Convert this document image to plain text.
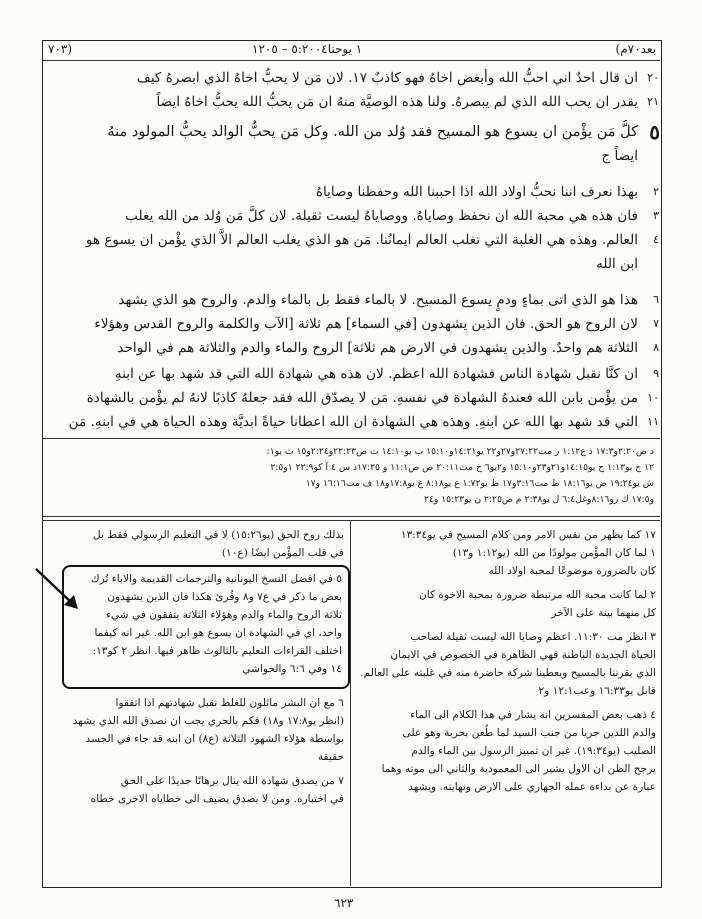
بعد٧٠م)
١ يوحنا٥:٢٠٠٤ – ١٢٠٥
(٧٠٣
ان قال احدٌ اني احبُّ الله وأبغض اخاهُ فهو كاذبٌ ١٧. لان مَن لا يحبُّ اخاهُ الذي ابصرهُ كيف ٢٠
يقدر ان يحب الله الذي لم يبصرهُ. ولنا هذه الوصيَّة منهُ ان مَن يحبُّ الله يحبُّ اخاهُ ايضاً ٢١
كلُّ مَن يؤْمن ان يسوع هو المسيح فقد وُلد من الله. وكل مَن يحبُّ الوالد يحبُّ المولود منهُ ٥
ايضاً ج
بهذا نعرف اننا نحبُّ اولاد الله اذا احببنا الله وحفظنا وصاياهُ ٢
فان هذه هي محبة الله ان نحفظ وصاياهُ. ووصاياهُ ليست ثقيلة. لان كلَّ مَن وُلد من الله يغلب ٣
العالم. وهذه هي الغلبة التي تغلب العالم ايمانُنا. مَن هو الذي يغلب العالم الاَّ الذي يؤْمن ان يسوع هو ٤
ابن الله
هذا هو الذي اتى بماءٍ ودمٍ يسوع المسيح. لا بالماء فقط بل بالماء والدم. والروح هو الذي يشهد ٦
لان الروح هو الحق. فان الذين يشهدون [في السماء] هم ثلاثة [الآب والكلمة والروح القدس وهؤلاء ٧
الثلاثة هم واحدٌ. والذين يشهدون في الارض هم ثلاثة] الروح والماء والدم والثلاثة هم في الواحد ٨
ان كنَّا نقبل شهادة الناس فشهادة الله اعظم. لان هذه هي شهادة الله التي قد شهد بها عن ابنهِ ٩
من يؤْمن بابن الله فعندهُ الشهادة في نفسهِ. مَن لا يصدّق الله فقد جعلهُ كاذبًا لانهُ لم يؤْمن بالشهادة ١٠
التي قد شهد بها الله عن ابنهِ. وهذه هي الشهادة ان الله اعطانا حياةً ابديَّة وهذه الحياة هي في ابنهِ. مَن ١١
د ص٢:٢٠و١٧:٣ ذ ع١:١٢ ر مت٢٧:٢٢و٢٧و٢٢ يو١٤:٢١و١٥:١٠ ب يو١٤:١٠ ت ص٢٢:٢٣و٢:٢٤و١٥ ث يو١:
١٢ ج يو١:١٣ ح يو١٤:١٥و٢١و٢٣و١٥:١٠ و٢يو٦ خ مت٢٠:١١ ص ص١١:١ و ١٧:٢٥ذ س ٤ آ كو٢٢:٩ ١و٢:٥
ش يو١٩:٢٤ ض يو١٨:١٦ ط مت٣:١٦و١٧ ظ يو١:٧٢ ع يو٨:١٨ غ يو١٧:٨و١٨ ف مت١٦:١٦ و١٧
و١٧:٥ ك رو٨:١٦وغل٦:٤ ل يو٢:٣٨ م ص٢:٢٥ ن يو١٥:٢٣ و٢٤
١٧ كما يظهر من نفس الامر ومن كلام المسيح في يو١٣:٣٤
١ لما كان المؤْمن مولودًا من الله (يو١:١٢ و١٣)
كان بالضرورة موضوعًا لمحبة اولاد الله
٢ لما كانت محبة الله مرتبطة ضرورة بمحبة الاخوة كان
كل منهما بينة على الآخر
٣ انظر مت ١١:٣٠. اعظم وصايا الله ليست ثقيلة لصاحب
الحياة الجديدة الباطنة فهي الظاهرة في الخصوص في الايمان
الذي يقرننا بالمسيح ويعطينا شركة حاضرة منه في غلبته على العالم.
قابل يو١٦:٣٣ وعب١٢:١ و٢
٤ ذهب بعض المفسرين انه يشار في هذا الكلام الى الماء
والدم اللذين جريا من جنب السيد لما طُعن بحربة وهو على
الصليب (يو١٩:٣٤). غير ان تمييز الرسول بين الماء والدم
يرجح الظن ان الاول يشير الى المعمودية والثاني الى موته وهما
عبارة عن بداءة عمله الجهاري على الارض ونهايته. ويشهد
بذلك روح الحق (يو١٥:٢٦) لا في التعليم الرسولي فقط بل
في قلب المؤْمن ايضًا (ع١٠)
٥ في افضل النسخ اليونانية والترجمات القديمة والاباء تُرك
بعض ما ذكر في ع٧ و٨ وقُرئ هكذا فان الذين يشهدون
ثلاثة الروح والماء والدم وهؤلاء الثلاثة يتفقون في شيء
واحد، اي في الشهادة ان يسوع هو ابن الله. غير انه كيفما
اختلف القراءات التعليم بالثالوث ظاهر فيها. انظر ٢ كو١٣:
١٤ وفي ٦:٦ والحواشي
٦ مع ان البشر مائلون للغلط نقبل شهادتهم اذا اتفقوا
(انظر يو١٧:٨ و١٨) فكم بالحري يجب ان نصدق الله الذي يشهد
بواسطة هؤلاء الشهود الثلاثة (ع٨) ان ابنه قد جاء في الجسد
حقيقة
٧ من يصدق شهادة الله ينال برهانًا جديدًا على الحق
في اختباره. ومن لا يصدق يضيف الى خطاياه الاخرى خطاه
٦٢٣
